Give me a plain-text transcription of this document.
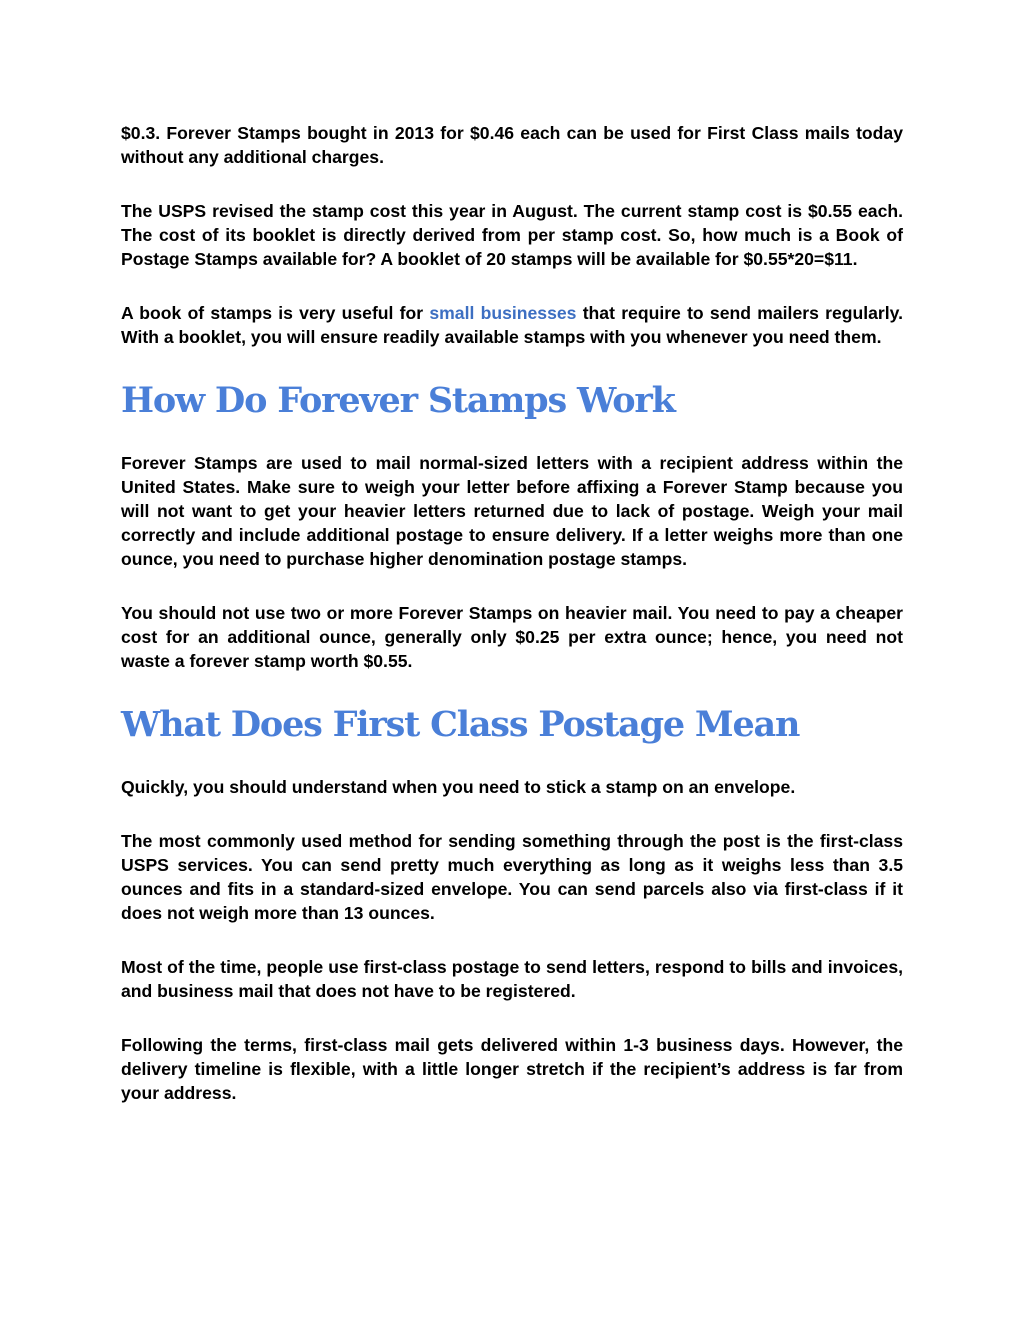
$0.3. Forever Stamps bought in 2013 for $0.46 each can be used for First Class mails today without any additional charges.

The USPS revised the stamp cost this year in August. The current stamp cost is $0.55 each. The cost of its booklet is directly derived from per stamp cost. So, how much is a Book of Postage Stamps available for? A booklet of 20 stamps will be available for $0.55*20=$11.

A book of stamps is very useful for small businesses that require to send mailers regularly. With a booklet, you will ensure readily available stamps with you whenever you need them.

How Do Forever Stamps Work

Forever Stamps are used to mail normal-sized letters with a recipient address within the United States. Make sure to weigh your letter before affixing a Forever Stamp because you will not want to get your heavier letters returned due to lack of postage. Weigh your mail correctly and include additional postage to ensure delivery. If a letter weighs more than one ounce, you need to purchase higher denomination postage stamps.

You should not use two or more Forever Stamps on heavier mail. You need to pay a cheaper cost for an additional ounce, generally only $0.25 per extra ounce; hence, you need not waste a forever stamp worth $0.55.

What Does First Class Postage Mean

Quickly, you should understand when you need to stick a stamp on an envelope.

The most commonly used method for sending something through the post is the first-class USPS services. You can send pretty much everything as long as it weighs less than 3.5 ounces and fits in a standard-sized envelope. You can send parcels also via first-class if it does not weigh more than 13 ounces.

Most of the time, people use first-class postage to send letters, respond to bills and invoices, and business mail that does not have to be registered.

Following the terms, first-class mail gets delivered within 1-3 business days. However, the delivery timeline is flexible, with a little longer stretch if the recipient’s address is far from your address.
